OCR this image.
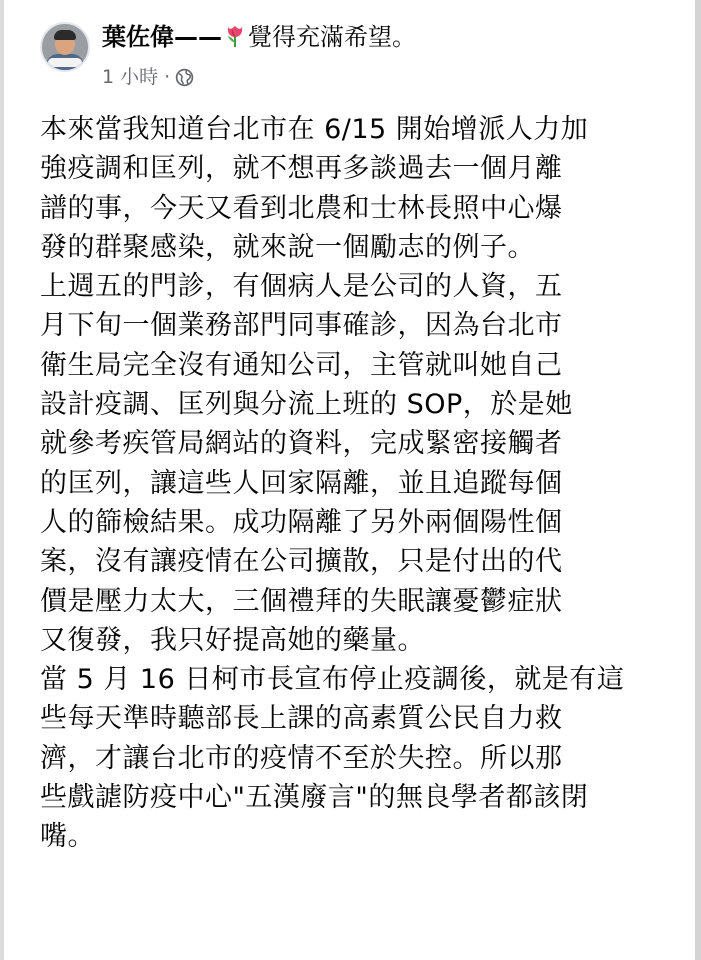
葉佐偉—— 覺得充滿希望。
1 小時 ·

本來當我知道台北市在 6/15 開始增派人力加
強疫調和匡列，就不想再多談過去一個月離
譜的事，今天又看到北農和士林長照中心爆
發的群聚感染，就來說一個勵志的例子。

上週五的門診，有個病人是公司的人資，五
月下旬一個業務部門同事確診，因為台北市
衛生局完全沒有通知公司，主管就叫她自己
設計疫調、匡列與分流上班的 SOP，於是她
就參考疾管局網站的資料，完成緊密接觸者
的匡列，讓這些人回家隔離，並且追蹤每個
人的篩檢結果。成功隔離了另外兩個陽性個
案，沒有讓疫情在公司擴散，只是付出的代
價是壓力太大，三個禮拜的失眠讓憂鬱症狀
又復發，我只好提高她的藥量。

當 5 月 16 日柯市長宣布停止疫調後，就是有這
些每天準時聽部長上課的高素質公民自力救
濟，才讓台北市的疫情不至於失控。所以那
些戲謔防疫中心"五漢廢言"的無良學者都該閉
嘴。
